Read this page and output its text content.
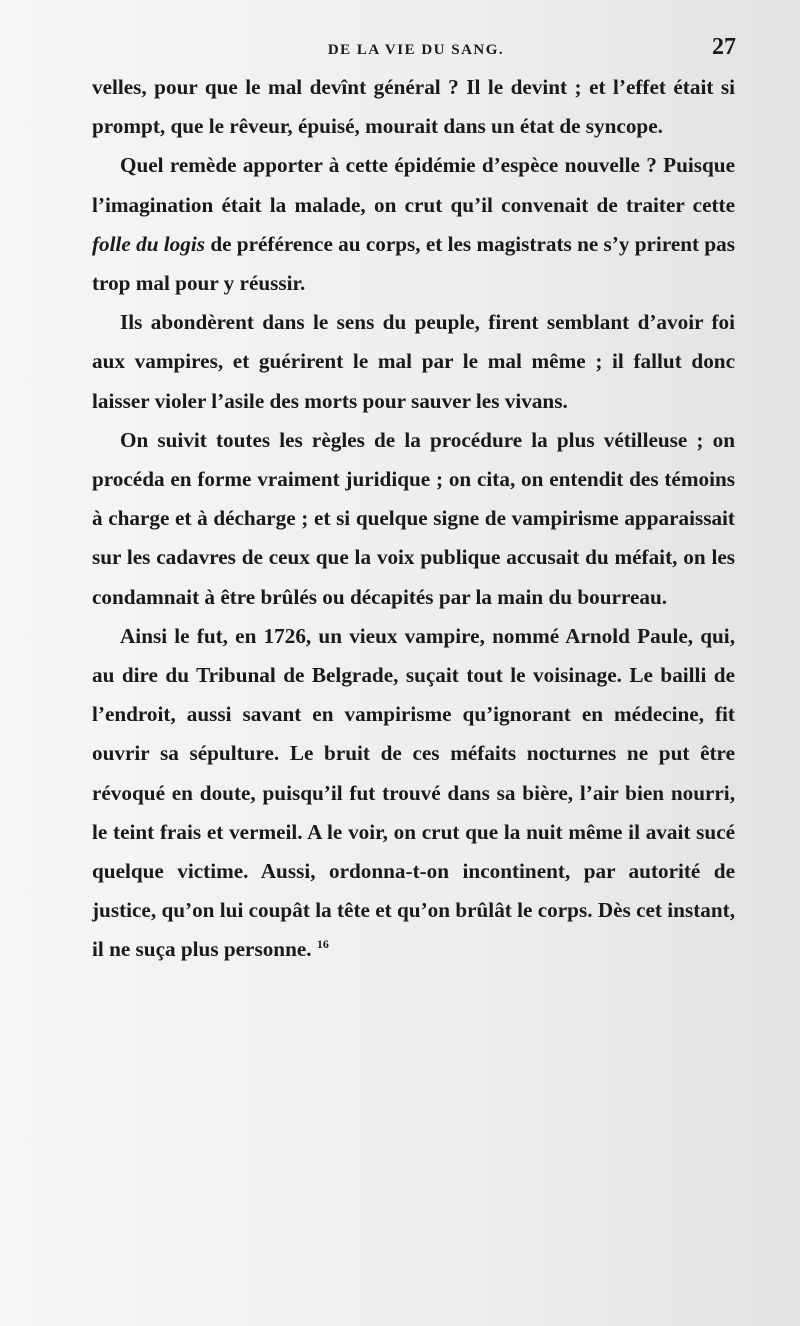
DE LA VIE DU SANG.	27

velles, pour que le mal devînt général ? Il le devint ; et l’effet était si prompt, que le rêveur, épuisé, mourait dans un état de syncope.

Quel remède apporter à cette épidémie d’espèce nouvelle ? Puisque l’imagination était la malade, on crut qu’il convenait de traiter cette folle du logis de préférence au corps, et les magistrats ne s’y prirent pas trop mal pour y réussir.

Ils abondèrent dans le sens du peuple, firent semblant d’avoir foi aux vampires, et guérirent le mal par le mal même ; il fallut donc laisser violer l’asile des morts pour sauver les vivans.

On suivit toutes les règles de la procédure la plus vétilleuse ; on procéda en forme vraiment juridique ; on cita, on entendit des témoins à charge et à décharge ; et si quelque signe de vampirisme apparaissait sur les cadavres de ceux que la voix publique accusait du méfait, on les condamnait à être brûlés ou décapités par la main du bourreau.

Ainsi le fut, en 1726, un vieux vampire, nommé Arnold Paule, qui, au dire du Tribunal de Belgrade, suçait tout le voisinage. Le bailli de l’endroit, aussi savant en vampirisme qu’ignorant en médecine, fit ouvrir sa sépulture. Le bruit de ces méfaits nocturnes ne put être révoqué en doute, puisqu’il fut trouvé dans sa bière, l’air bien nourri, le teint frais et vermeil. A le voir, on crut que la nuit même il avait sucé quelque victime. Aussi, ordonna-t-on incontinent, par autorité de justice, qu’on lui coupât la tête et qu’on brûlât le corps. Dès cet instant, il ne suça plus personne. $^{16}$
